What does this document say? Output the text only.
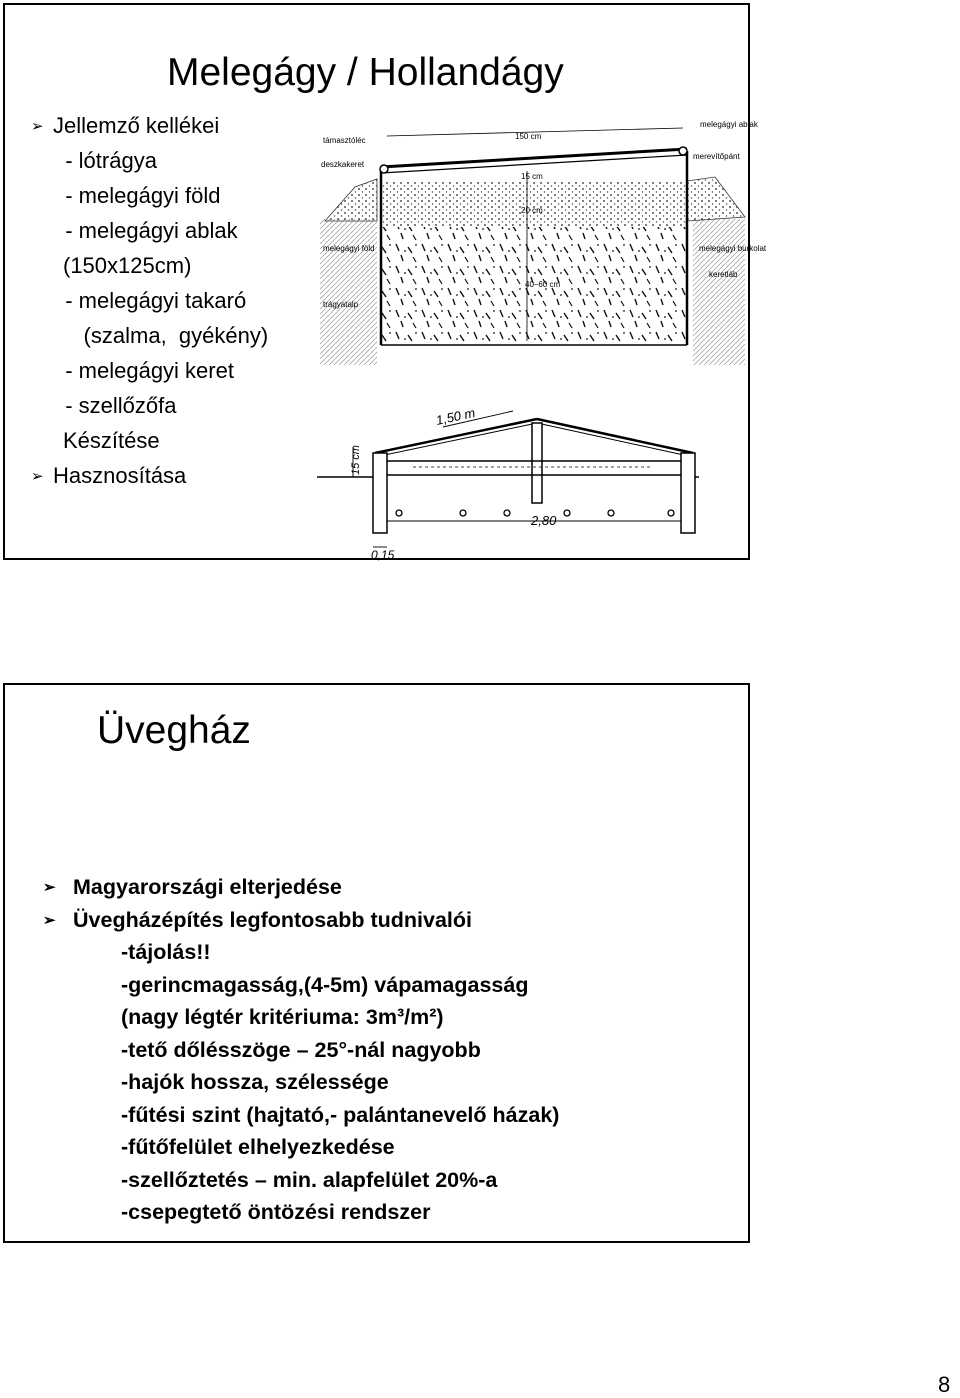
Melegágy / Hollandágy
➢ Jellemző kellékei
- lótrágya
- melegágyi föld
- melegágyi ablak
(150x125cm)
- melegágyi takaró
(szalma,  gyékény)
- melegágyi keret
- szellőzőfa
Készítése
➢ Hasznosítása
támasztóléc
deszkakeret
melegágyi föld
trágyatalp
melegágyi ablak
merevítőpánt
melegágyi burkolat
keretláb
150 cm
15 cm
20 cm
40–60 cm
1,50 m
15 cm
2,80
0,15
Üvegház
➢ Magyarországi elterjedése
➢ Üvegházépítés legfontosabb tudnivalói
-tájolás!!
-gerincmagasság,(4-5m) vápamagasság
(nagy légtér kritériuma: 3m³/m²)
-tető dőlésszöge – 25°-nál nagyobb
-hajók hossza, szélessége
-fűtési szint (hajtató,- palántanevelő házak)
-fűtőfelület elhelyezkedése
-szellőztetés – min. alapfelület 20%-a
-csepegtető öntözési rendszer
8
